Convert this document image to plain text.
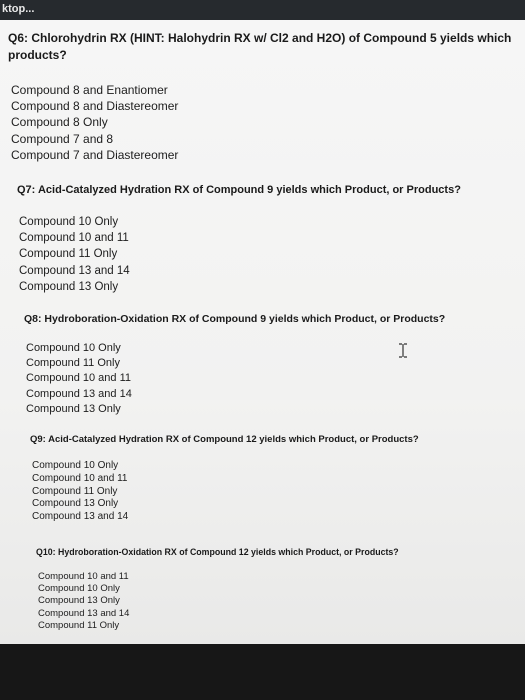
ktop...
Q6: Chlorohydrin RX (HINT: Halohydrin RX w/ Cl2 and H2O) of Compound 5 yields which products?
Compound 8 and Enantiomer
Compound 8 and Diastereomer
Compound 8 Only
Compound 7 and 8
Compound 7 and Diastereomer
Q7: Acid-Catalyzed Hydration RX of Compound 9 yields which Product, or Products?
Compound 10 Only
Compound 10 and 11
Compound 11 Only
Compound 13 and 14
Compound 13 Only
Q8: Hydroboration-Oxidation RX of Compound 9 yields which Product, or Products?
Compound 10 Only
Compound 11 Only
Compound 10 and 11
Compound 13 and 14
Compound 13 Only
Q9: Acid-Catalyzed Hydration RX of Compound 12 yields which Product, or Products?
Compound 10 Only
Compound 10 and 11
Compound 11 Only
Compound 13 Only
Compound 13 and 14
Q10: Hydroboration-Oxidation RX of Compound 12 yields which Product, or Products?
Compound 10 and 11
Compound 10 Only
Compound 13 Only
Compound 13 and 14
Compound 11 Only
